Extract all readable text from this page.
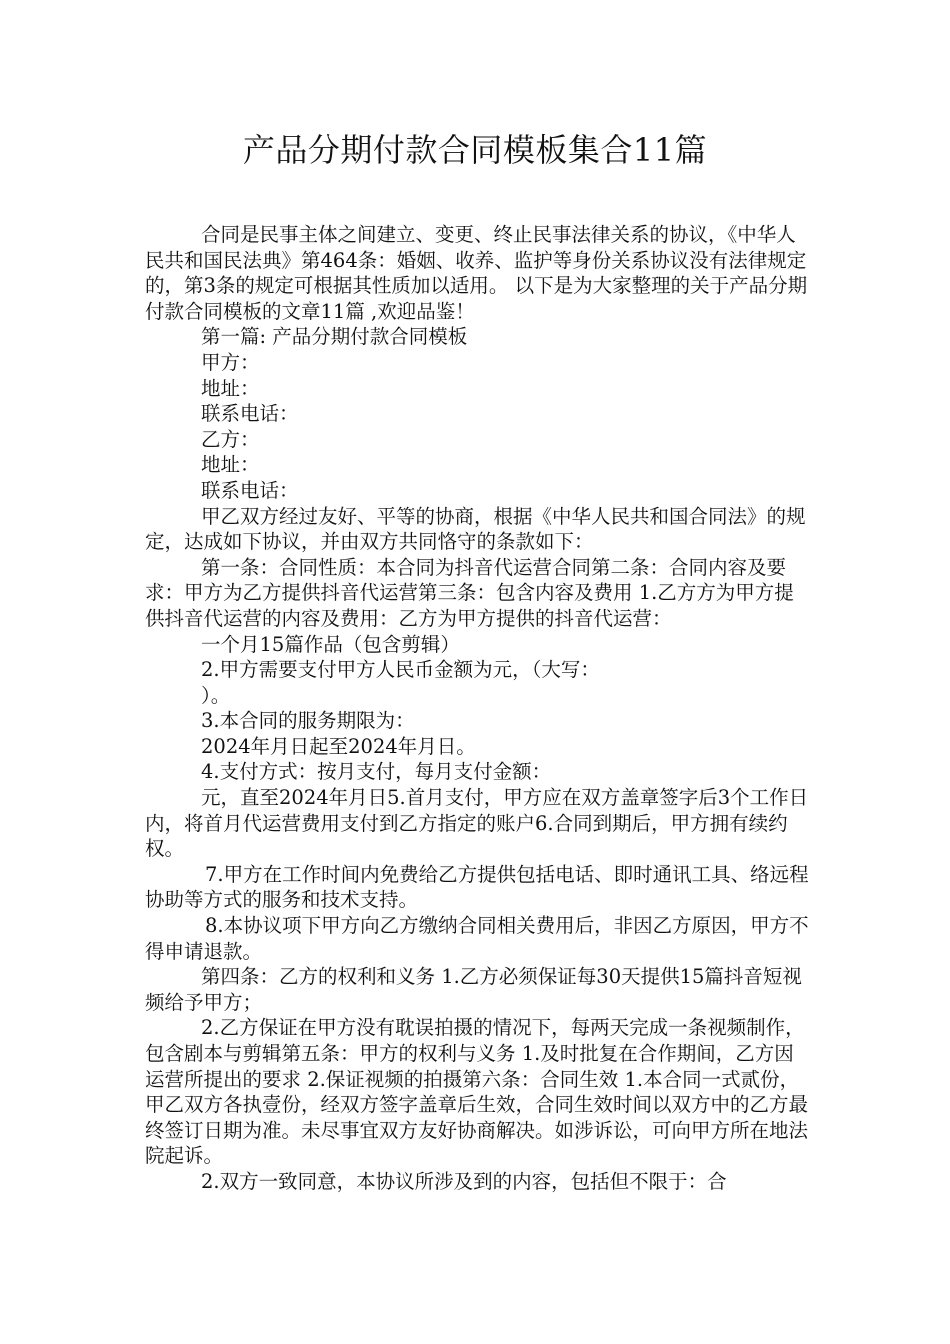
产品分期付款合同模板集合11篇

合同是民事主体之间建立、变更、终止民事法律关系的协议，《中华人民共和国民法典》第464条：婚姻、收养、监护等身份关系协议没有法律规定的，第3条的规定可根据其性质加以适用。 以下是为大家整理的关于产品分期付款合同模板的文章11篇 ,欢迎品鉴！

第一篇: 产品分期付款合同模板

甲方：

地址：

联系电话：

乙方：

地址：

联系电话：

甲乙双方经过友好、平等的协商，根据《中华人民共和国合同法》的规定，达成如下协议，并由双方共同恪守的条款如下：

第一条：合同性质：本合同为抖音代运营合同第二条：合同内容及要求：甲方为乙方提供抖音代运营第三条：包含内容及费用 1.乙方方为甲方提供抖音代运营的内容及费用：乙方为甲方提供的抖音代运营：

一个月15篇作品（包含剪辑）

2.甲方需要支付甲方人民币金额为元，（大写：

）。

3.本合同的服务期限为：

2024年月日起至2024年月日。

4.支付方式：按月支付，每月支付金额：

元，直至2024年月日5.首月支付，甲方应在双方盖章签字后3个工作日内，将首月代运营费用支付到乙方指定的账户6.合同到期后，甲方拥有续约权。

7.甲方在工作时间内免费给乙方提供包括电话、即时通讯工具、络远程协助等方式的服务和技术支持。

8.本协议项下甲方向乙方缴纳合同相关费用后，非因乙方原因，甲方不得申请退款。

第四条：乙方的权利和义务 1.乙方必须保证每30天提供15篇抖音短视频给予甲方；

2.乙方保证在甲方没有耽误拍摄的情况下，每两天完成一条视频制作，包含剧本与剪辑第五条：甲方的权利与义务 1.及时批复在合作期间，乙方因运营所提出的要求 2.保证视频的拍摄第六条：合同生效 1.本合同一式贰份，甲乙双方各执壹份，经双方签字盖章后生效，合同生效时间以双方中的乙方最终签订日期为准。未尽事宜双方友好协商解决。如涉诉讼，可向甲方所在地法院起诉。

2.双方一致同意，本协议所涉及到的内容，包括但不限于：合
